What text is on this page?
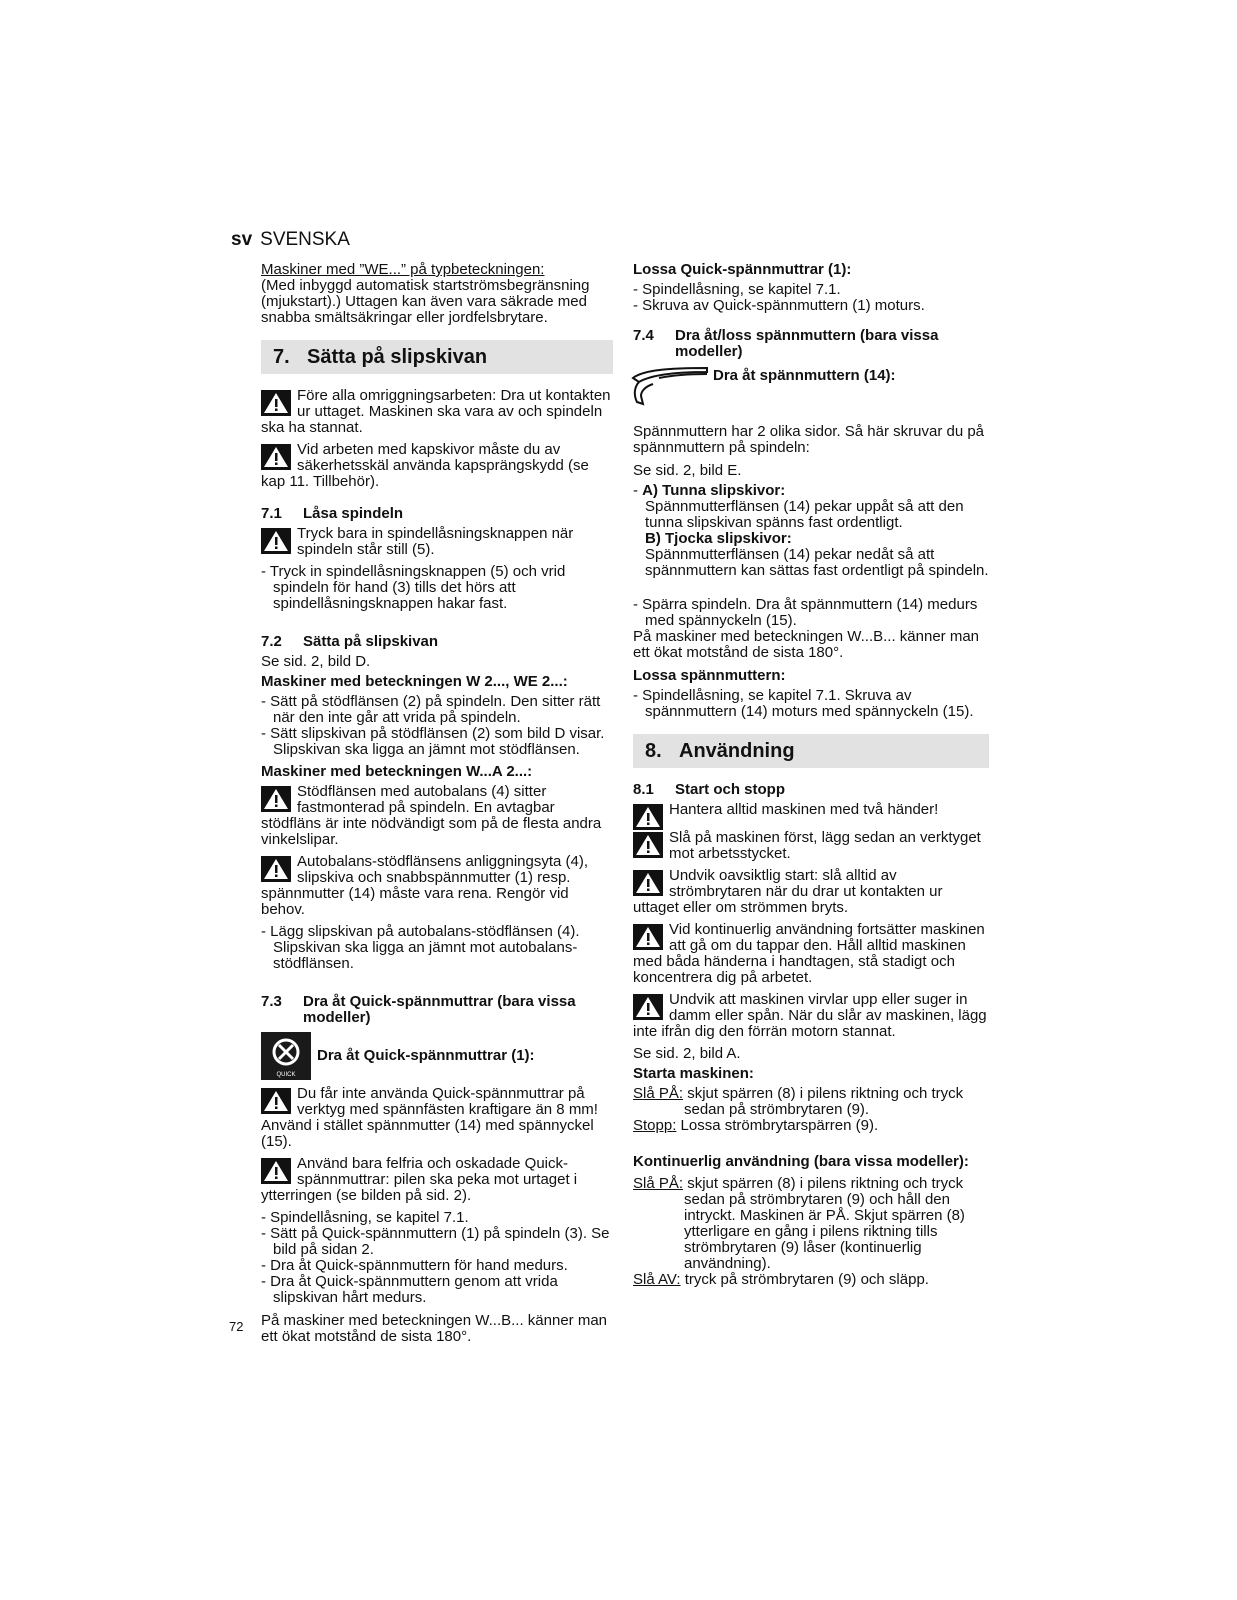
sv SVENSKA

Maskiner med ”WE...” på typbeteckningen:
(Med inbyggd automatisk startströmsbegränsning (mjukstart).) Uttagen kan även vara säkrade med snabba smältsäkringar eller jordfelsbrytare.

7. Sätta på slipskivan

Före alla omriggningsarbeten: Dra ut kontakten ur uttaget. Maskinen ska vara av och spindeln ska ha stannat.

Vid arbeten med kapskivor måste du av säkerhetsskäl använda kapsprängskydd (se kap 11. Tillbehör).

7.1	Låsa spindeln

Tryck bara in spindellåsningsknappen när spindeln står still (5).

- Tryck in spindellåsningsknappen (5) och vrid spindeln för hand (3) tills det hörs att spindellåsningsknappen hakar fast.

7.2	Sätta på slipskivan

Se sid. 2, bild D.

Maskiner med beteckningen W 2..., WE 2...:

- Sätt på stödflänsen (2) på spindeln. Den sitter rätt när den inte går att vrida på spindeln.

- Sätt slipskivan på stödflänsen (2) som bild D visar. Slipskivan ska ligga an jämnt mot stödflänsen.

Maskiner med beteckningen W...A 2...:

Stödflänsen med autobalans (4) sitter fastmonterad på spindeln. En avtagbar stödfläns är inte nödvändigt som på de flesta andra vinkelslipar.

Autobalans-stödflänsens anliggningsyta (4), slipskiva och snabbspännmutter (1) resp. spännmutter (14) måste vara rena. Rengör vid behov.

- Lägg slipskivan på autobalans-stödflänsen (4). Slipskivan ska ligga an jämnt mot autobalans-stödflänsen.

7.3	Dra åt Quick-spännmuttrar (bara vissa modeller)
QUICK
Dra åt Quick-spännmuttrar (1):

Du får inte använda Quick-spännmuttrar på verktyg med spännfästen kraftigare än 8 mm! Använd i stället spännmutter (14) med spännyckel (15).

Använd bara felfria och oskadade Quick-spännmuttrar: pilen ska peka mot urtaget i ytterringen (se bilden på sid. 2).

- Spindellåsning, se kapitel 7.1.
- Sätt på Quick-spännmuttern (1) på spindeln (3). Se bild på sidan 2.
- Dra åt Quick-spännmuttern för hand medurs.
- Dra åt Quick-spännmuttern genom att vrida slipskivan hårt medurs.

På maskiner med beteckningen W...B... känner man ett ökat motstånd de sista 180°.

Lossa Quick-spännmuttrar (1):

- Spindellåsning, se kapitel 7.1.
- Skruva av Quick-spännmuttern (1) moturs.
7.4	Dra åt/loss spännmuttern (bara vissa modeller)
Dra åt spännmuttern (14):

Spännmuttern har 2 olika sidor. Så här skruvar du på spännmuttern på spindeln:

Se sid. 2, bild E.

- A) Tunna slipskivor:
Spännmutterflänsen (14) pekar uppåt så att den tunna slipskivan spänns fast ordentligt.
B) Tjocka slipskivor:
Spännmutterflänsen (14) pekar nedåt så att spännmuttern kan sättas fast ordentligt på spindeln.

- Spärra spindeln. Dra åt spännmuttern (14) medurs med spännyckeln (15).

På maskiner med beteckningen W...B... känner man ett ökat motstånd de sista 180°.

Lossa spännmuttern:

- Spindellåsning, se kapitel 7.1. Skruva av spännmuttern (14) moturs med spännyckeln (15).

8. Användning
8.1	Start och stopp

Hantera alltid maskinen med två händer!

Slå på maskinen först, lägg sedan an verktyget mot arbetsstycket.

Undvik oavsiktlig start: slå alltid av strömbrytaren när du drar ut kontakten ur uttaget eller om strömmen bryts.

Vid kontinuerlig användning fortsätter maskinen att gå om du tappar den. Håll alltid maskinen med båda händerna i handtagen, stå stadigt och koncentrera dig på arbetet.

Undvik att maskinen virvlar upp eller suger in damm eller spån. När du slår av maskinen, lägg inte ifrån dig den förrän motorn stannat.

Se sid. 2, bild A.

Starta maskinen:

Slå PÅ: skjut spärren (8) i pilens riktning och tryck sedan på strömbrytaren (9).

Stopp: Lossa strömbrytarspärren (9).

Kontinuerlig användning (bara vissa modeller):

Slå PÅ: skjut spärren (8) i pilens riktning och tryck sedan på strömbrytaren (9) och håll den intryckt. Maskinen är PÅ. Skjut spärren (8) ytterligare en gång i pilens riktning tills strömbrytaren (9) låser (kontinuerlig användning).

Slå AV: tryck på strömbrytaren (9) och släpp.

72
